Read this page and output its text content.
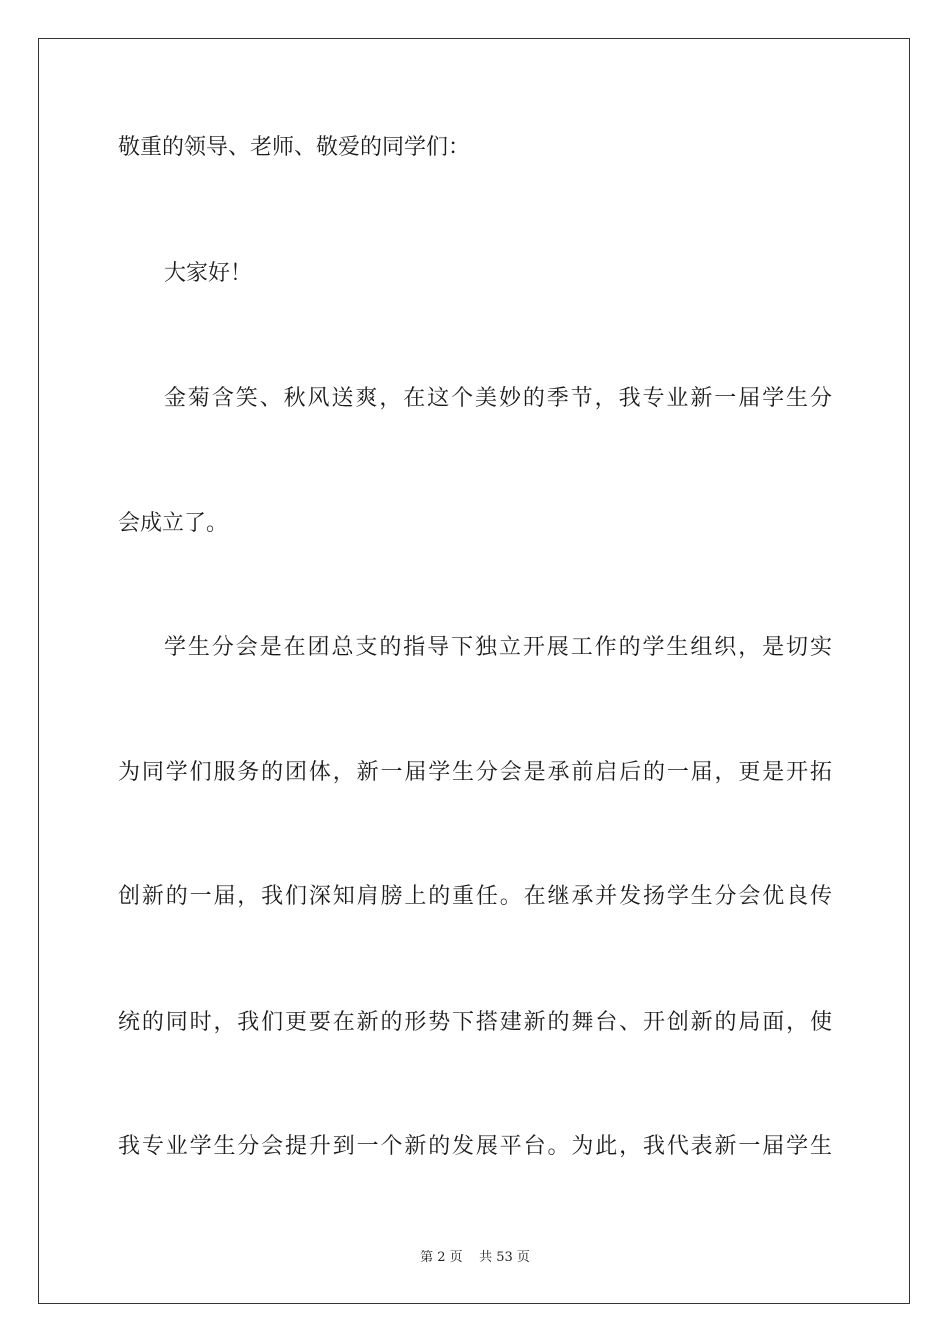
敬重的领导、老师、敬爱的同学们：
大家好！
金菊含笑、秋风送爽，在这个美妙的季节，我专业新一届学生分
会成立了。
学生分会是在团总支的指导下独立开展工作的学生组织，是切实
为同学们服务的团体，新一届学生分会是承前启后的一届，更是开拓
创新的一届，我们深知肩膀上的重任。在继承并发扬学生分会优良传
统的同时，我们更要在新的形势下搭建新的舞台、开创新的局面，使
我专业学生分会提升到一个新的发展平台。为此，我代表新一届学生
第 2 页    共 53 页
